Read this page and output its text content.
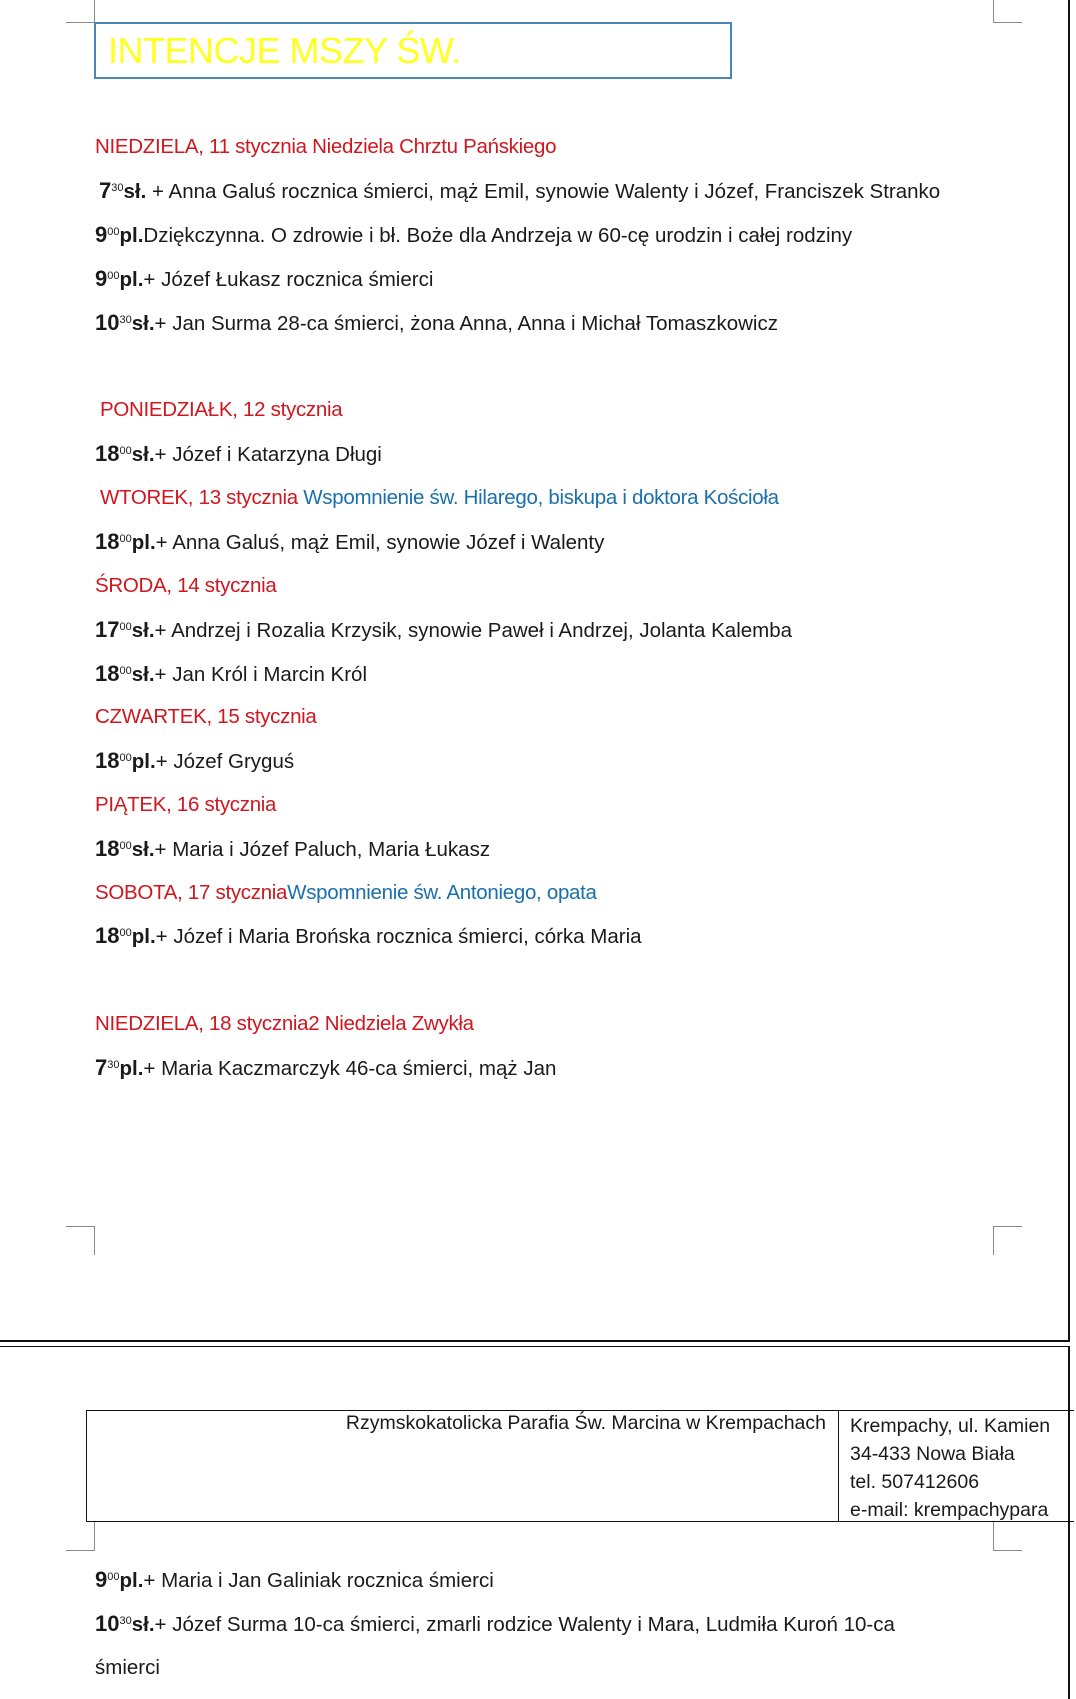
INTENCJE MSZY ŚW.
NIEDZIELA, 11 stycznia Niedziela Chrztu Pańskiego
$7^{30}sł$. + Anna Galuś rocznica śmierci, mąż Emil, synowie Walenty i Józef, Franciszek Stranko
$9^{00}pl.Dziękczynna$. O zdrowie i bł. Boże dla Andrzeja w 60-cę urodzin i całej rodziny
$9^{00}pl.+$ Józef Łukasz rocznica śmierci
$10^{30}sł.+$ Jan Surma 28-ca śmierci, żona Anna, Anna i Michał Tomaszkowicz
PONIEDZIAŁK, 12 stycznia
$18^{00}sł.+$ Józef i Katarzyna Długi
WTOREK, 13 stycznia Wspomnienie św. Hilarego, biskupa i doktora Kościoła
$18^{00}pl.+$ Anna Galuś, mąż Emil, synowie Józef i Walenty
ŚRODA, 14 stycznia
$17^{00}sł.+$ Andrzej i Rozalia Krzysik, synowie Paweł i Andrzej, Jolanta Kalemba
$18^{00}sł.+$ Jan Król i Marcin Król
CZWARTEK, 15 stycznia
$18^{00}pl.+$ Józef Gryguś
PIĄTEK, 16 stycznia
$18^{00}sł.+$ Maria i Józef Paluch, Maria Łukasz
SOBOTA, 17 styczniaWspomnienie św. Antoniego, opata
$18^{00}pl.+$ Józef i Maria Brońska rocznica śmierci, córka Maria
NIEDZIELA, 18 stycznia2 Niedziela Zwykła
$7^{30}pl.+$ Maria Kaczmarczyk 46-ca śmierci, mąż Jan
Rzymskokatolicka Parafia Św. Marcina w Krempachach Krempachy, ul. Kamien
34-433 Nowa Biała
tel. 507412606
e-mail: krempachypara
$9^{00}pl.+$ Maria i Jan Galiniak rocznica śmierci
$10^{30}sł.+$ Józef Surma 10-ca śmierci, zmarli rodzice Walenty i Mara, Ludmiła Kuroń 10-ca
śmierci
